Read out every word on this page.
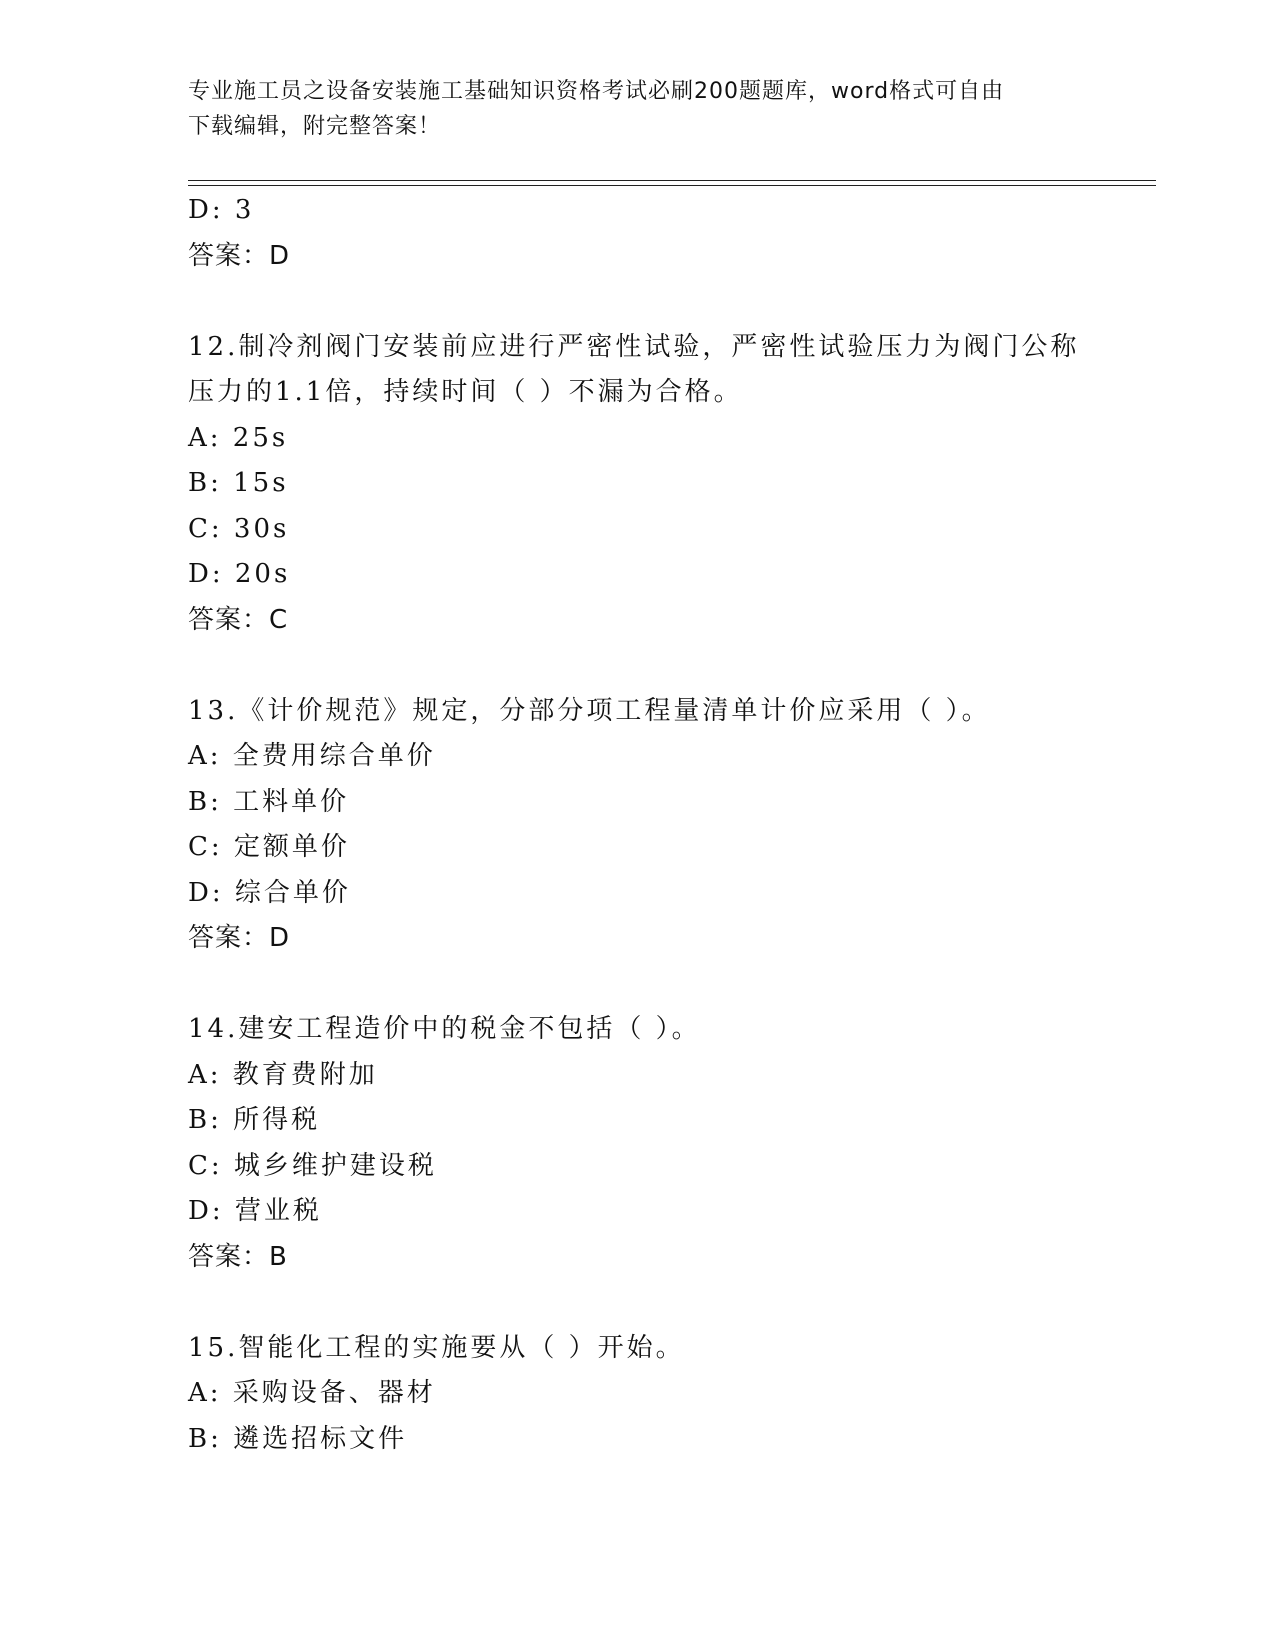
专业施工员之设备安装施工基础知识资格考试必刷200题题库，word格式可自由
下载编辑，附完整答案！
D: 3
答案：D
12.制冷剂阀门安装前应进行严密性试验，严密性试验压力为阀门公称
压力的1.1倍，持续时间（ ）不漏为合格。
A: 25s
B: 15s
C: 30s
D: 20s
答案：C
13.《计价规范》规定，分部分项工程量清单计价应采用（ ）。
A: 全费用综合单价
B: 工料单价
C: 定额单价
D: 综合单价
答案：D
14.建安工程造价中的税金不包括（ ）。
A: 教育费附加
B: 所得税
C: 城乡维护建设税
D: 营业税
答案：B
15.智能化工程的实施要从（ ）开始。
A: 采购设备、器材
B: 遴选招标文件
